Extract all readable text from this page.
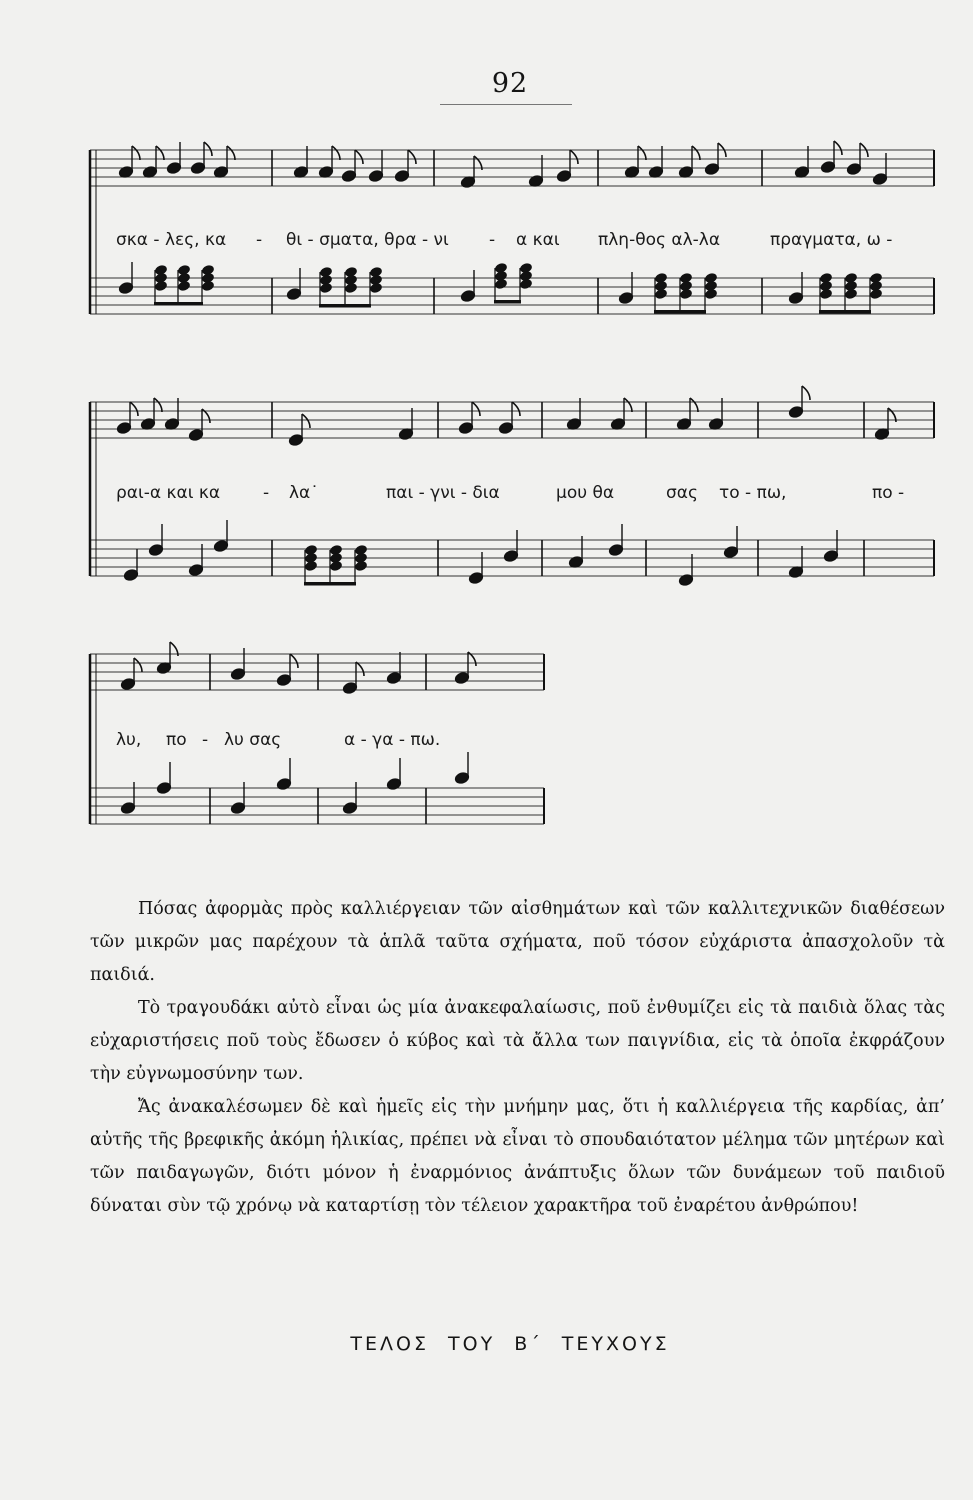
92
σκα - λες, κα - θι - σματα, θρα - νι - α και πλη-θος αλ-λα	πραγματα, ω -
ραι-α και κα	- λα˙	παι - γνι - δια	μου θα	σας το - πω,	πο -
λυ, πο - λυ σας	α - γα - πω.

Πόσας ἀφορμὰς πρὸς καλλιέργειαν τῶν αἰσθημάτων καὶ τῶν καλλιτεχνικῶν διαθέσεων τῶν μικρῶν μας παρέχουν τὰ ἁπλᾶ ταῦτα σχήματα, ποῦ τόσον εὐχάριστα ἀπασχολοῦν τὰ παιδιά.

Τὸ τραγουδάκι αὐτὸ εἶναι ὡς μία ἀνακεφαλαίωσις, ποῦ ἐνθυμίζει εἰς τὰ παιδιὰ ὅλας τὰς εὐχαριστήσεις ποῦ τοὺς ἔδωσεν ὁ κύβος καὶ τὰ ἄλλα των παιγνίδια, εἰς τὰ ὁποῖα ἐκφράζουν τὴν εὐγνωμοσύνην των.

Ἄς ἀνακαλέσωμεν δὲ καὶ ἡμεῖς εἰς τὴν μνήμην μας, ὅτι ἡ καλλιέργεια τῆς καρδίας, ἀπ’ αὐτῆς τῆς βρεφικῆς ἀκόμη ἡλικίας, πρέπει νὰ εἶναι τὸ σπουδαιότατον μέλημα τῶν μητέρων καὶ τῶν παιδαγωγῶν, διότι μόνον ἡ ἐναρμόνιος ἀνάπτυξις ὅλων τῶν δυνάμεων τοῦ παιδιοῦ δύναται σὺν τῷ χρόνῳ νὰ καταρτίσῃ τὸν τέλειον χαρακτῆρα τοῦ ἐναρέτου ἀνθρώπου!

ΤΕΛΟΣ ΤΟΥ Β΄ ΤΕΥΧΟΥΣ
